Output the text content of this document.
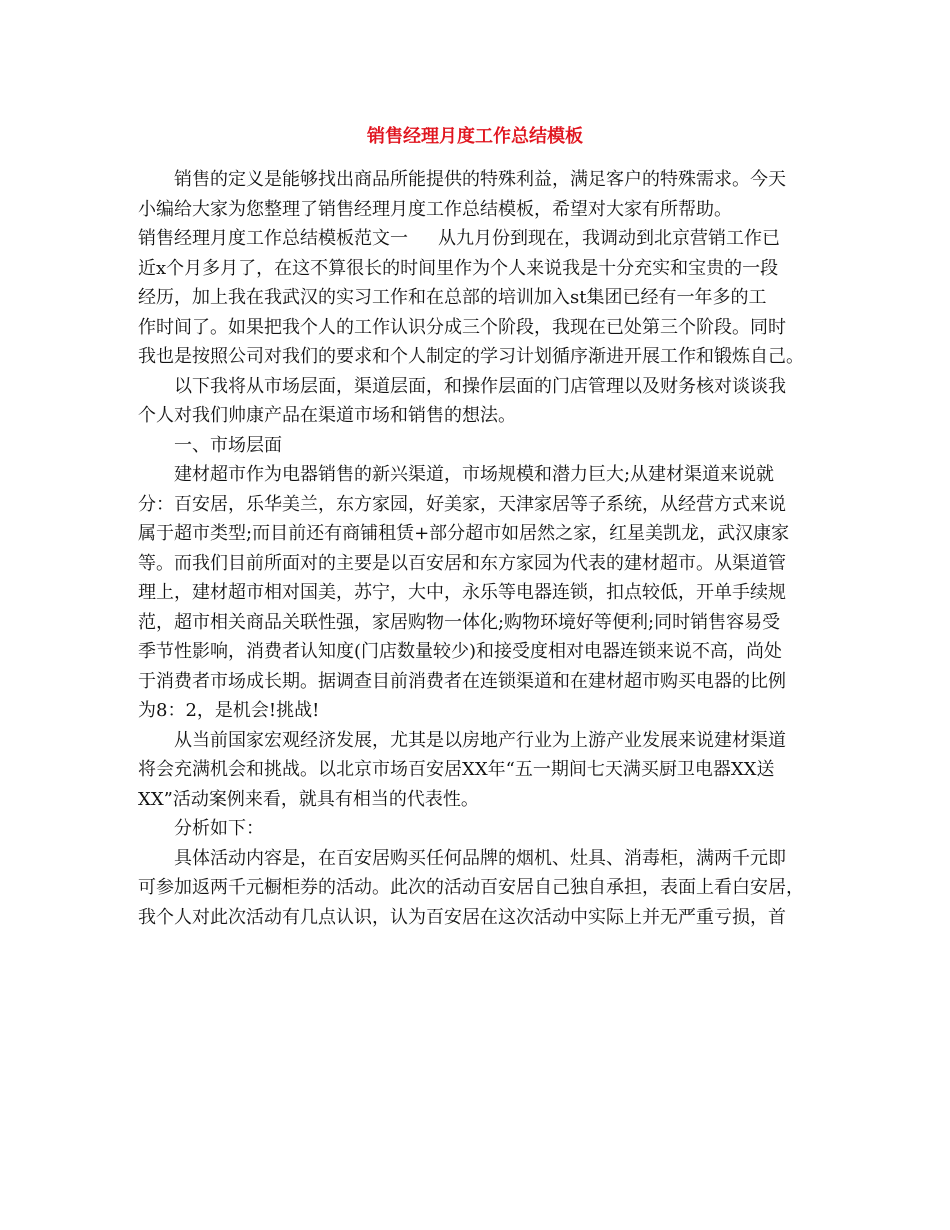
销售经理月度工作总结模板
销售的定义是能够找出商品所能提供的特殊利益，满足客户的特殊需求。今天
小编给大家为您整理了销售经理月度工作总结模板，希望对大家有所帮助。
销售经理月度工作总结模板范文一 从九月份到现在，我调动到北京营销工作已
近x个月多月了，在这不算很长的时间里作为个人来说我是十分充实和宝贵的一段
经历，加上我在我武汉的实习工作和在总部的培训加入st集团已经有一年多的工
作时间了。如果把我个人的工作认识分成三个阶段，我现在已处第三个阶段。同时
我也是按照公司对我们的要求和个人制定的学习计划循序渐进开展工作和锻炼自己。
以下我将从市场层面，渠道层面，和操作层面的门店管理以及财务核对谈谈我
个人对我们帅康产品在渠道市场和销售的想法。
一、市场层面
建材超市作为电器销售的新兴渠道，市场规模和潜力巨大;从建材渠道来说就
分：百安居，乐华美兰，东方家园，好美家，天津家居等子系统，从经营方式来说
属于超市类型;而目前还有商铺租赁+部分超市如居然之家，红星美凯龙，武汉康家
等。而我们目前所面对的主要是以百安居和东方家园为代表的建材超市。从渠道管
理上，建材超市相对国美，苏宁，大中，永乐等电器连锁，扣点较低，开单手续规
范，超市相关商品关联性强，家居购物一体化;购物环境好等便利;同时销售容易受
季节性影响，消费者认知度(门店数量较少)和接受度相对电器连锁来说不高，尚处
于消费者市场成长期。据调查目前消费者在连锁渠道和在建材超市购买电器的比例
为8：2，是机会!挑战!
从当前国家宏观经济发展，尤其是以房地产行业为上游产业发展来说建材渠道
将会充满机会和挑战。以北京市场百安居XX年“五一期间七天满买厨卫电器XX送
XX”活动案例来看，就具有相当的代表性。
分析如下：
具体活动内容是，在百安居购买任何品牌的烟机、灶具、消毒柜，满两千元即
可参加返两千元橱柜券的活动。此次的活动百安居自己独自承担，表面上看白安居，
我个人对此次活动有几点认识，认为百安居在这次活动中实际上并无严重亏损，首
